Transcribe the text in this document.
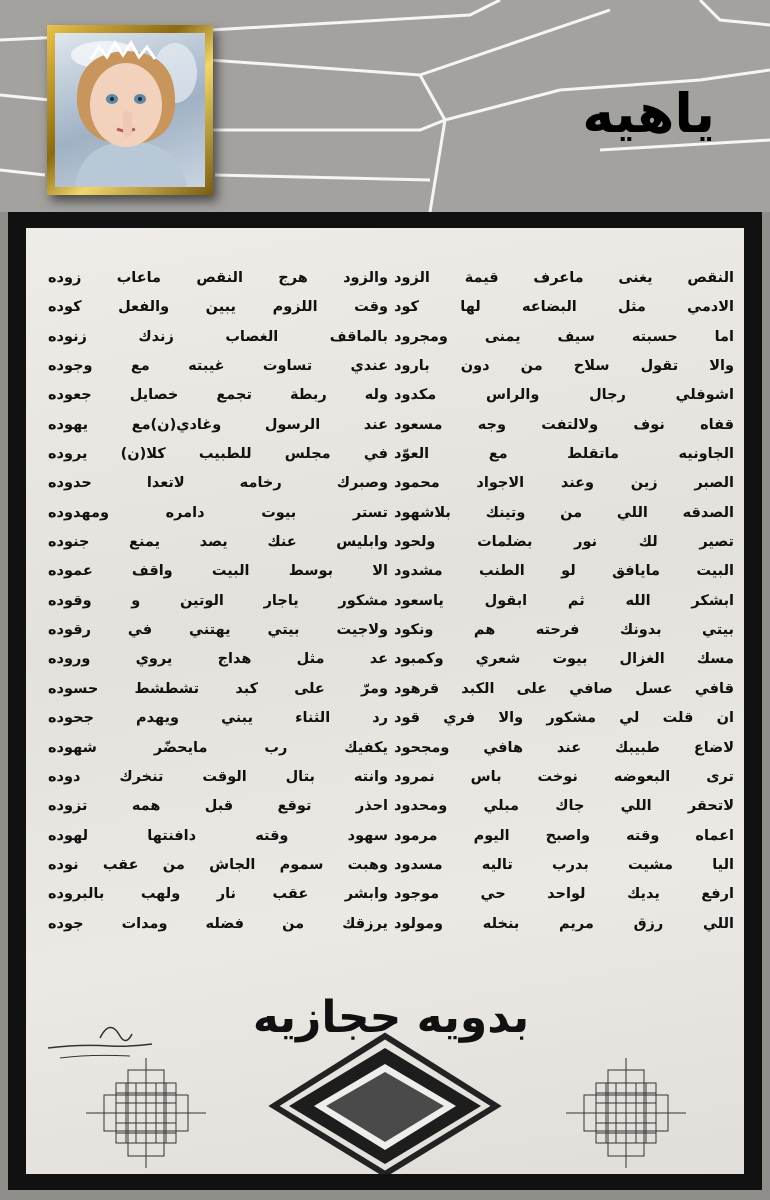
ياهيه
النقص يغنى ماعرف قيمة الزود
الادمي مثل البضاعه لها كود
اما حسبته سيف يمنى ومجرود
والا تقول سلاح من دون بارود
اشوفلي رجال والراس مكدود
قفاه نوف ولالتفت وجه مسعود
الجاونيه ماتقلط مع العوّد
الصبر زين وعند الاجواد محمود
الصدقه اللي من وتينك بلاشهود
تصير لك نور بضلمات ولحود
البيت مايافق لو الطنب مشدود
ابشكر الله ثم ابقول ياسعود
بيتي بدونك فرحته هم ونكود
مسك الغزال بيوت شعري وكمبود
قافي عسل صافي على الكبد قرهود
ان قلت لي مشكور والا فري قود
لاضاع طبيبك عند هافي ومجحود
ترى البعوضه نوخت باس نمرود
لاتحقر اللي جاك مبلي ومحدود
اعماه وقته واصبح اليوم مرمود
اليا مشيت بدرب تاليه مسدود
ارفع يديك لواحد حي موجود
اللي رزق مريم بنخله ومولود
والزود هرج النقص ماعاب زوده
وقت اللزوم يبين والفعل كوده
بالماقف الغصاب زندك زنوده
عندي تساوت غيبته مع وجوده
وله ربطة تجمع خصايل جعوده
عند الرسول وغادي(ن)مع يهوده
في مجلس للطبيب كلا(ن) يروده
وصبرك رخامه لاتعدا حدوده
تستر بيوت دامره ومهدوده
وابليس عنك يصد يمنع جنوده
الا بوسط البيت واقف عموده
مشكور ياجار الوتين و وقوده
ولاجيت بيتي يهتني في رقوده
عد مثل هداج يروي وروده
ومرّ على كبد تشطشط حسوده
رد الثناء يبني ويهدم جحوده
يكفيك رب مايحضّر شهوده
وانته بتال الوقت تنخرك دوده
احذر توقع قبل همه تزوده
سهود وقته دافنتها لهوده
وهبت سموم الجاش من عقب نوده
وابشر عقب نار ولهب بالبروده
يرزقك من فضله ومدات جوده
بدويه حجازيه
